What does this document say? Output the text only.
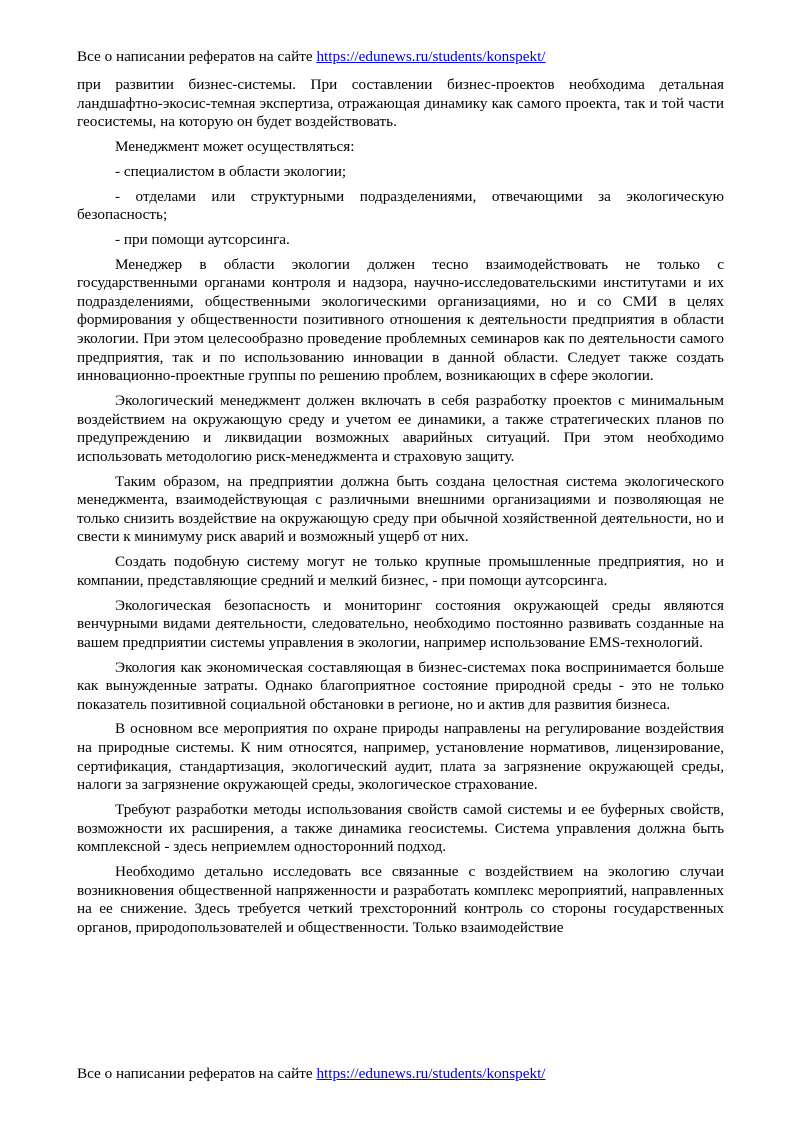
Все о написании рефератов на сайте https://edunews.ru/students/konspekt/

при развитии бизнес-системы. При составлении бизнес-проектов необходима детальная ландшафтно-экосис-темная экспертиза, отражающая динамику как самого проекта, так и той части геосистемы, на которую он будет воздействовать.

Менеджмент может осуществляться:

- специалистом в области экологии;

- отделами или структурными подразделениями, отвечающими за экологическую безопасность;

- при помощи аутсорсинга.

Менеджер в области экологии должен тесно взаимодействовать не только с государственными органами контроля и надзора, научно-исследовательскими институтами и их подразделениями, общественными экологическими организациями, но и со СМИ в целях формирования у общественности позитивного отношения к деятельности предприятия в области экологии. При этом целесообразно проведение проблемных семинаров как по деятельности самого предприятия, так и по использованию инновации в данной области. Следует также создать инновационно-проектные группы по решению проблем, возникающих в сфере экологии.

Экологический менеджмент должен включать в себя разработку проектов с минимальным воздействием на окружающую среду и учетом ее динамики, а также стратегических планов по предупреждению и ликвидации возможных аварийных ситуаций. При этом необходимо использовать методологию риск-менеджмента и страховую защиту.

Таким образом, на предприятии должна быть создана целостная система экологического менеджмента, взаимодействующая с различными внешними организациями и позволяющая не только снизить воздействие на окружающую среду при обычной хозяйственной деятельности, но и свести к минимуму риск аварий и возможный ущерб от них.

Создать подобную систему могут не только крупные промышленные предприятия, но и компании, представляющие средний и мелкий бизнес, - при помощи аутсорсинга.

Экологическая безопасность и мониторинг состояния окружающей среды являются венчурными видами деятельности, следовательно, необходимо постоянно развивать созданные на вашем предприятии системы управления в экологии, например использование EMS-технологий.

Экология как экономическая составляющая в бизнес-системах пока воспринимается больше как вынужденные затраты. Однако благоприятное состояние природной среды - это не только показатель позитивной социальной обстановки в регионе, но и актив для развития бизнеса.

В основном все мероприятия по охране природы направлены на регулирование воздействия на природные системы. К ним относятся, например, установление нормативов, лицензирование, сертификация, стандартизация, экологический аудит, плата за загрязнение окружающей среды, налоги за загрязнение окружающей среды, экологическое страхование.

Требуют разработки методы использования свойств самой системы и ее буферных свойств, возможности их расширения, а также динамика геосистемы. Система управления должна быть комплексной - здесь неприемлем односторонний подход.

Необходимо детально исследовать все связанные с воздействием на экологию случаи возникновения общественной напряженности и разработать комплекс мероприятий, направленных на ее снижение. Здесь требуется четкий трехсторонний контроль со стороны государственных органов, природопользователей и общественности. Только взаимодействие

Все о написании рефератов на сайте https://edunews.ru/students/konspekt/
